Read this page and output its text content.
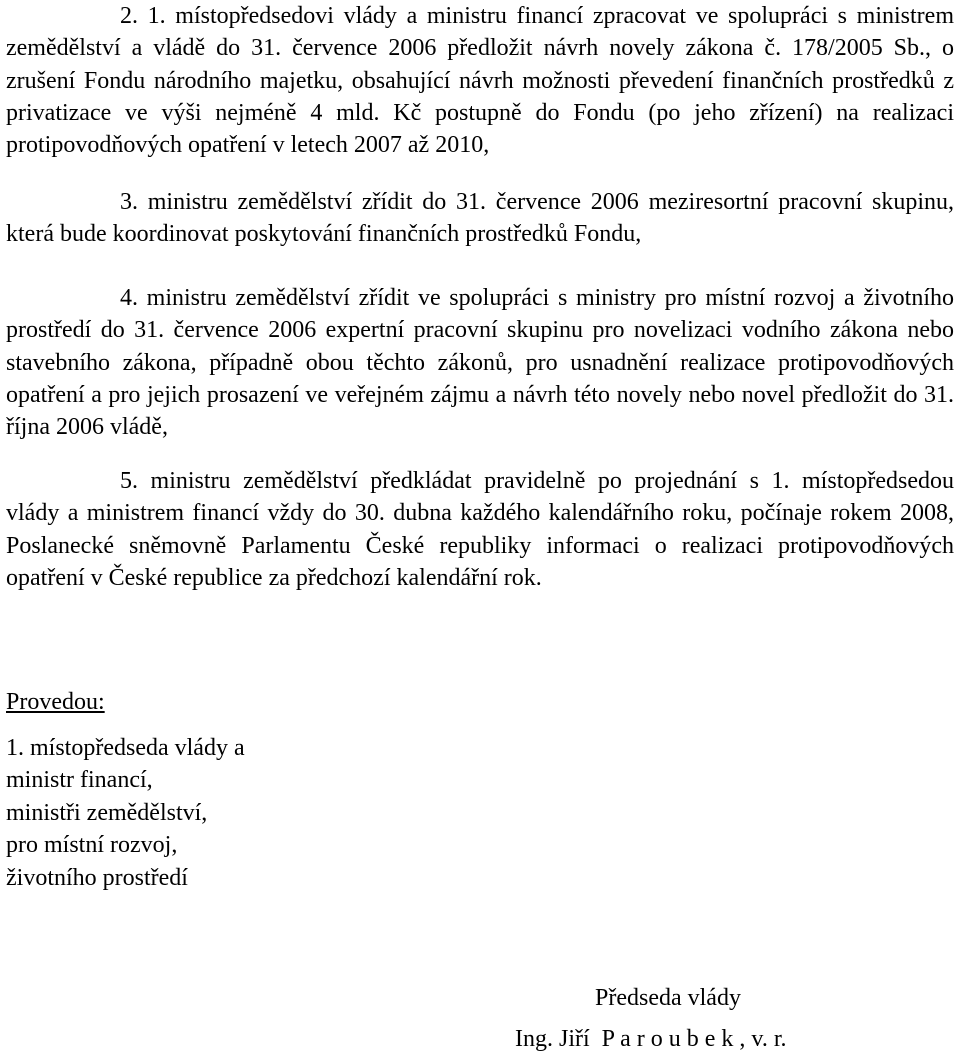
2. 1. místopředsedovi vlády a ministru financí zpracovat ve spolupráci s ministrem zemědělství a vládě do 31. července 2006 předložit návrh novely zákona č. 178/2005 Sb., o zrušení Fondu národního majetku, obsahující návrh možnosti převedení finančních prostředků z privatizace ve výši nejméně 4 mld. Kč postupně do Fondu (po jeho zřízení) na realizaci protipovodňových opatření v letech 2007 až 2010,

3. ministru zemědělství zřídit do 31. července 2006 meziresortní pracovní skupinu, která bude koordinovat poskytování finančních prostředků Fondu,

4. ministru zemědělství zřídit ve spolupráci s ministry pro místní rozvoj a životního prostředí do 31. července 2006 expertní pracovní skupinu pro novelizaci vodního zákona nebo stavebního zákona, případně obou těchto zákonů, pro usnadnění realizace protipovodňových opatření a pro jejich prosazení ve veřejném zájmu a návrh této novely nebo novel předložit do 31. října 2006 vládě,

5. ministru zemědělství předkládat pravidelně po projednání s 1. místopředsedou vlády a ministrem financí vždy do 30. dubna každého kalendářního roku, počínaje rokem 2008, Poslanecké sněmovně Parlamentu České republiky informaci o realizaci protipovodňových opatření v České republice za předchozí kalendářní rok.

Provedou:

1. místopředseda vlády a
ministr financí,
ministři zemědělství,
pro místní rozvoj,
životního prostředí
Předseda vlády
Ing. Jiří  P a r o u b e k , v. r.
